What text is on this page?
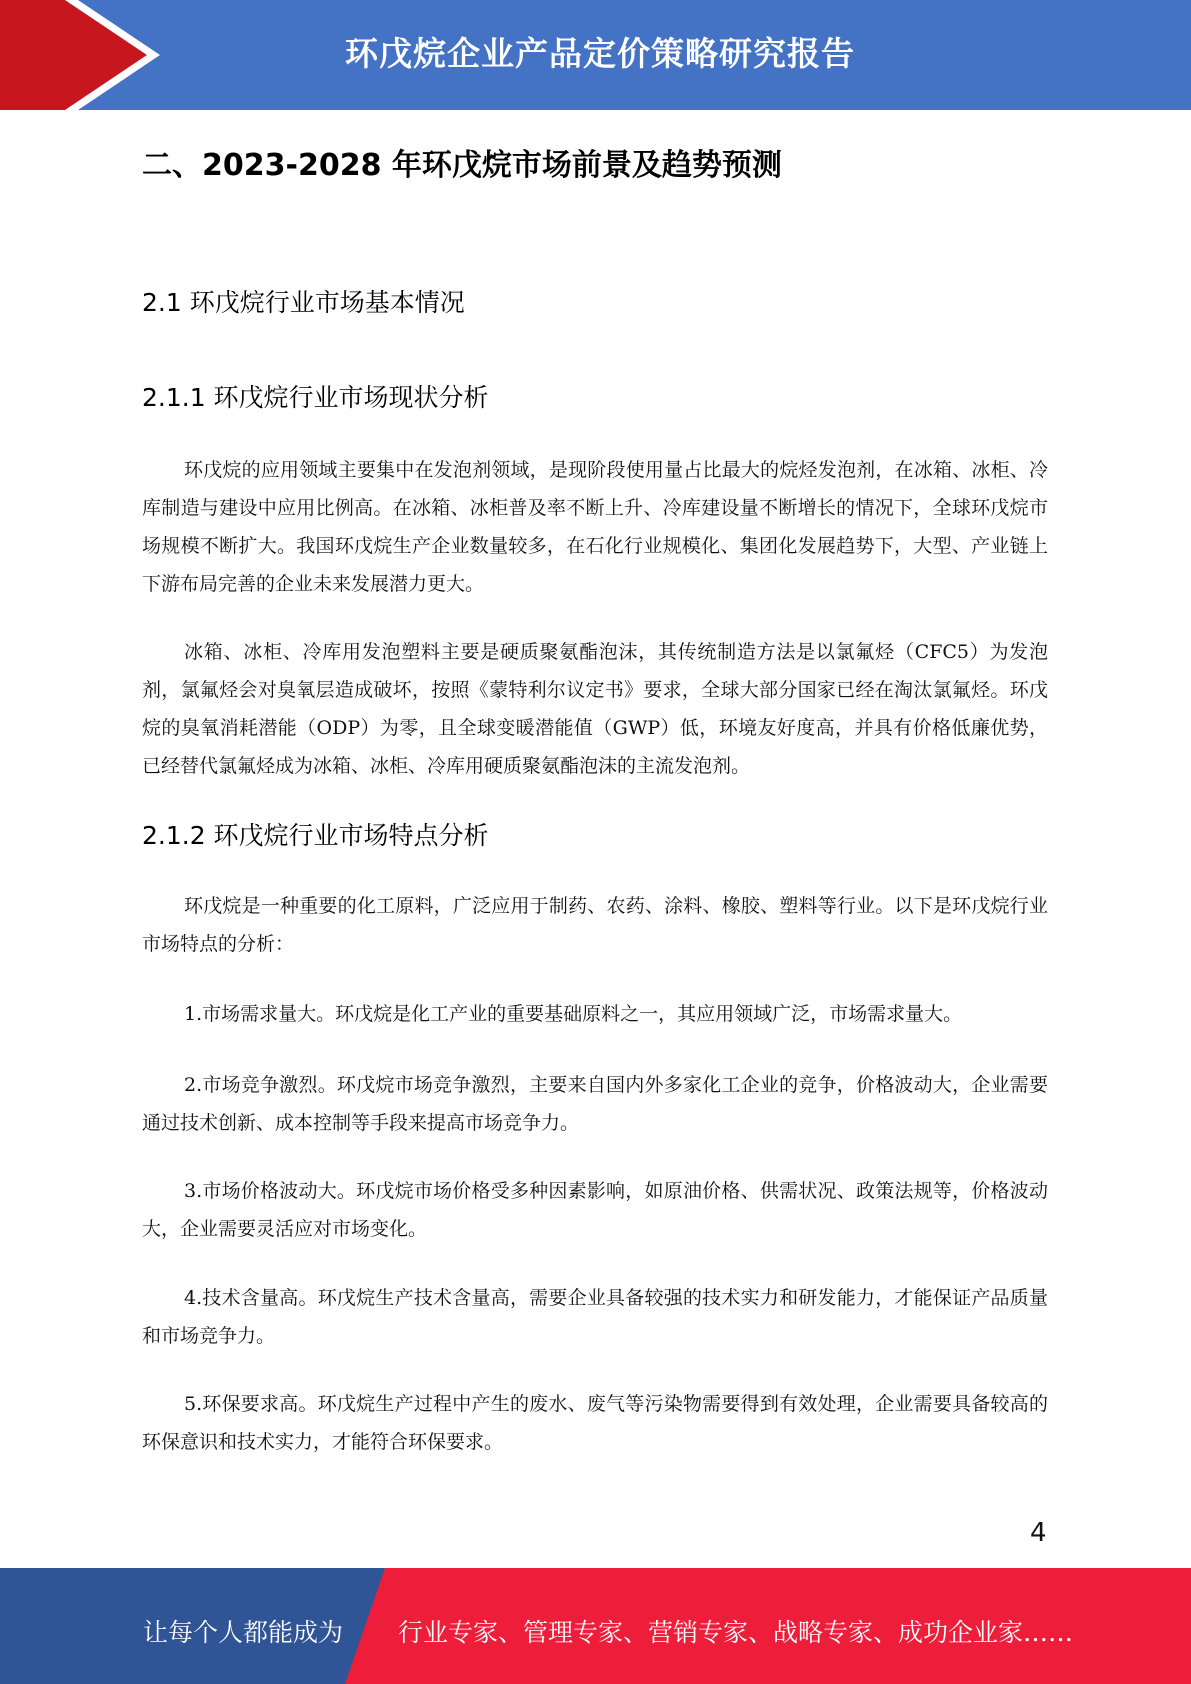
环戊烷企业产品定价策略研究报告
二、2023-2028 年环戊烷市场前景及趋势预测
2.1 环戊烷行业市场基本情况
2.1.1 环戊烷行业市场现状分析
环戊烷的应用领域主要集中在发泡剂领域，是现阶段使用量占比最大的烷烃发泡剂，在冰箱、冰柜、冷库制造与建设中应用比例高。在冰箱、冰柜普及率不断上升、冷库建设量不断增长的情况下，全球环戊烷市场规模不断扩大。我国环戊烷生产企业数量较多，在石化行业规模化、集团化发展趋势下，大型、产业链上下游布局完善的企业未来发展潜力更大。
冰箱、冰柜、冷库用发泡塑料主要是硬质聚氨酯泡沫，其传统制造方法是以氯氟烃（CFC5）为发泡剂，氯氟烃会对臭氧层造成破坏，按照《蒙特利尔议定书》要求，全球大部分国家已经在淘汰氯氟烃。环戊烷的臭氧消耗潜能（ODP）为零，且全球变暖潜能值（GWP）低，环境友好度高，并具有价格低廉优势，已经替代氯氟烃成为冰箱、冰柜、冷库用硬质聚氨酯泡沫的主流发泡剂。
2.1.2 环戊烷行业市场特点分析
环戊烷是一种重要的化工原料，广泛应用于制药、农药、涂料、橡胶、塑料等行业。以下是环戊烷行业市场特点的分析：
1.市场需求量大。环戊烷是化工产业的重要基础原料之一，其应用领域广泛，市场需求量大。
2.市场竞争激烈。环戊烷市场竞争激烈，主要来自国内外多家化工企业的竞争，价格波动大，企业需要通过技术创新、成本控制等手段来提高市场竞争力。
3.市场价格波动大。环戊烷市场价格受多种因素影响，如原油价格、供需状况、政策法规等，价格波动大，企业需要灵活应对市场变化。
4.技术含量高。环戊烷生产技术含量高，需要企业具备较强的技术实力和研发能力，才能保证产品质量和市场竞争力。
5.环保要求高。环戊烷生产过程中产生的废水、废气等污染物需要得到有效处理，企业需要具备较高的环保意识和技术实力，才能符合环保要求。
4
让每个人都能成为 行业专家、管理专家、营销专家、战略专家、成功企业家……
